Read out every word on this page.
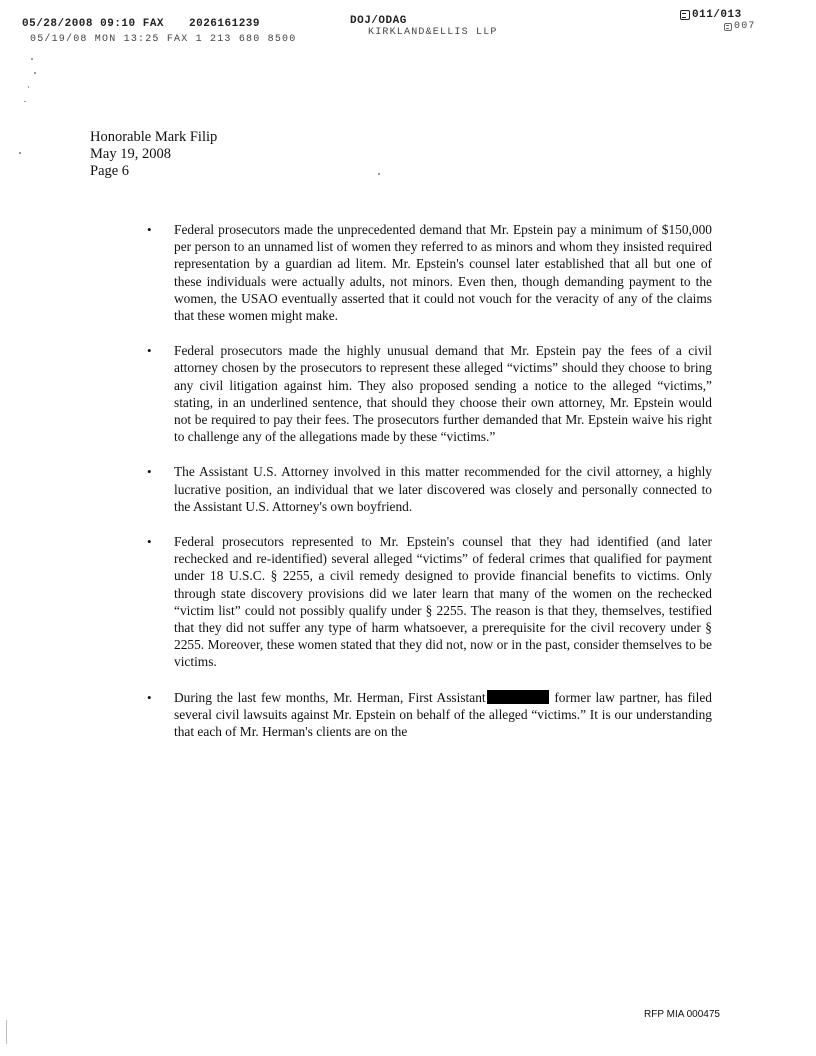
05/28/2008 09:10 FAX 2026161239	DOJ/ODAG	011/013
05/19/08 MON 13:25 FAX 1 213 680 8500
KIRKLAND&ELLIS LLP
007
Honorable Mark Filip
May 19, 2008
Page 6
•	Federal prosecutors made the unprecedented demand that Mr. Epstein pay a minimum of $150,000 per person to an unnamed list of women they referred to as minors and whom they insisted required representation by a guardian ad litem. Mr. Epstein's counsel later established that all but one of these individuals were actually adults, not minors. Even then, though demanding payment to the women, the USAO eventually asserted that it could not vouch for the veracity of any of the claims that these women might make.
•	Federal prosecutors made the highly unusual demand that Mr. Epstein pay the fees of a civil attorney chosen by the prosecutors to represent these alleged “victims” should they choose to bring any civil litigation against him. They also proposed sending a notice to the alleged “victims,” stating, in an underlined sentence, that should they choose their own attorney, Mr. Epstein would not be required to pay their fees. The prosecutors further demanded that Mr. Epstein waive his right to challenge any of the allegations made by these “victims.”
•	The Assistant U.S. Attorney involved in this matter recommended for the civil attorney, a highly lucrative position, an individual that we later discovered was closely and personally connected to the Assistant U.S. Attorney's own boyfriend.
•	Federal prosecutors represented to Mr. Epstein's counsel that they had identified (and later rechecked and re-identified) several alleged “victims” of federal crimes that qualified for payment under 18 U.S.C. § 2255, a civil remedy designed to provide financial benefits to victims. Only through state discovery provisions did we later learn that many of the women on the rechecked “victim list” could not possibly qualify under § 2255. The reason is that they, themselves, testified that they did not suffer any type of harm whatsoever, a prerequisite for the civil recovery under § 2255. Moreover, these women stated that they did not, now or in the past, consider themselves to be victims.
•	During the last few months, Mr. Herman, First Assistant	former law partner, has filed several civil lawsuits against Mr. Epstein on behalf of the alleged “victims.” It is our understanding that each of Mr. Herman's clients are on the
RFP MIA 000475
